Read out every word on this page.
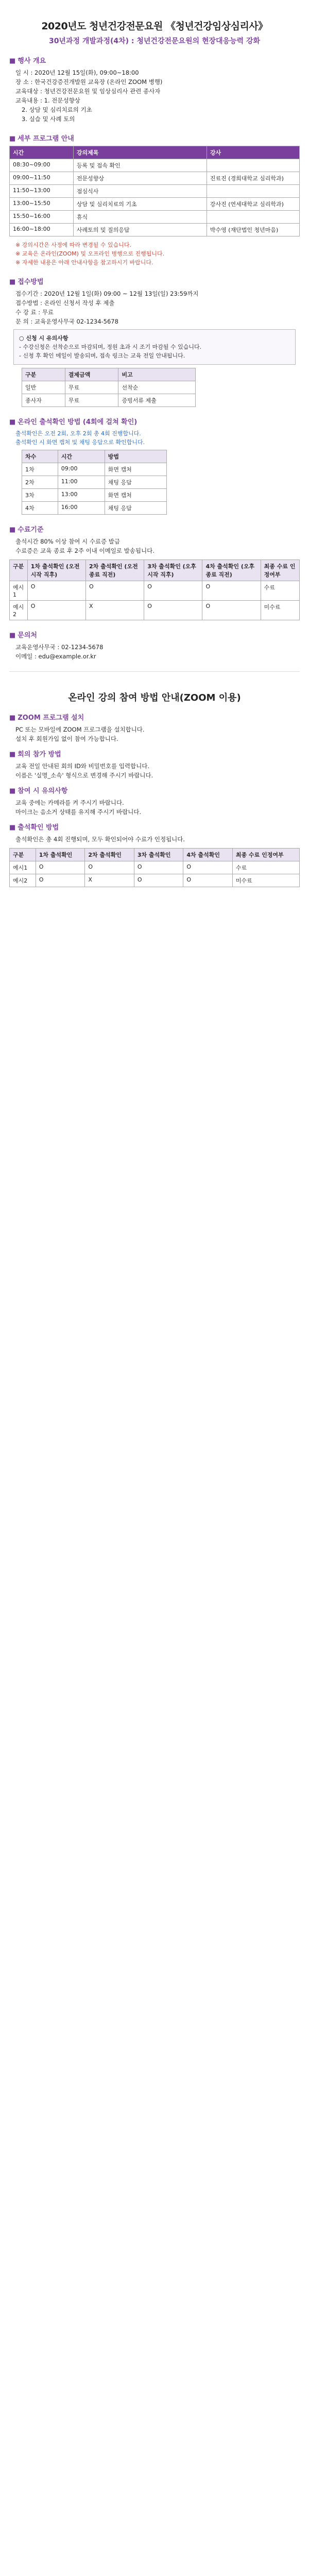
2020년도 청년건강전문요원 《청년건강임상심리사》
30년과정 개발과정(4차) : 청년건강전문요원의 현장대응능력 강화
■ 행사 개요
일 시 : 2020년 12월 15일(화), 09:00~18:00
장 소 : 한국건강증진개발원 교육장 (온라인 ZOOM 병행)
교육대상 : 청년건강전문요원 및 임상심리사 관련 종사자
교육내용 : 1. 전문성향상
2. 상담 및 심리치료의 기초
3. 실습 및 사례 토의
■ 세부 프로그램 안내
시간	강의제목	강사
08:30~09:00	등록 및 접속 확인	
09:00~11:50	전문성향상	진료진 (경희대학교 심리학과)
11:50~13:00	점심식사	
13:00~15:50	상담 및 심리치료의 기초	강사진 (연세대학교 심리학과)
15:50~16:00	휴식	
16:00~18:00	사례토의 및 질의응답	박수영 (재단법인 청년마음)
※ 강의시간은 사정에 따라 변경될 수 있습니다.
※ 교육은 온라인(ZOOM) 및 오프라인 병행으로 진행됩니다.
※ 자세한 내용은 아래 안내사항을 참고하시기 바랍니다.
■ 접수방법
접수기간 : 2020년 12월 1일(화) 09:00 ~ 12월 13일(일) 23:59까지
접수방법 : 온라인 신청서 작성 후 제출
수 강 료 : 무료
문 의 : 교육운영사무국 02-1234-5678
○ 신청 시 유의사항
- 수강신청은 선착순으로 마감되며, 정원 초과 시 조기 마감될 수 있습니다.
- 신청 후 확인 메일이 발송되며, 접속 링크는 교육 전일 안내됩니다.
구분	결제금액	비고
일반	무료	선착순
종사자	무료	증빙서류 제출
■ 온라인 출석확인 방법 (4회에 걸쳐 확인)
출석확인은 오전 2회, 오후 2회 총 4회 진행합니다.
출석확인 시 화면 캡처 및 채팅 응답으로 확인합니다.
차수	시간	방법
1차	09:00	화면 캡처
2차	11:00	채팅 응답
3차	13:00	화면 캡처
4차	16:00	채팅 응답
■ 수료기준
출석시간 80% 이상 참여 시 수료증 발급
수료증은 교육 종료 후 2주 이내 이메일로 발송됩니다.
구분	1차 출석확인 (오전 시작 직후)	2차 출석확인 (오전 종료 직전)	3차 출석확인 (오후 시작 직후)	4차 출석확인 (오후 종료 직전)	최종 수료 인정여부
예시1	O	O	O	O	수료
예시2	O	X	O	O	미수료
■ 문의처
교육운영사무국 : 02-1234-5678
이메일 : edu@example.or.kr
온라인 강의 참여 방법 안내(ZOOM 이용)
■ ZOOM 프로그램 설치
PC 또는 모바일에 ZOOM 프로그램을 설치합니다.
설치 후 회원가입 없이 참여 가능합니다.
■ 회의 참가 방법
교육 전일 안내된 회의 ID와 비밀번호를 입력합니다.
이름은 '실명_소속' 형식으로 변경해 주시기 바랍니다.
■ 참여 시 유의사항
교육 중에는 카메라를 켜 주시기 바랍니다.
마이크는 음소거 상태를 유지해 주시기 바랍니다.
■ 출석확인 방법
출석확인은 총 4회 진행되며, 모두 확인되어야 수료가 인정됩니다.
구분	1차 출석확인	2차 출석확인	3차 출석확인	4차 출석확인	최종 수료 인정여부
예시1	O	O	O	O	수료
예시2	O	X	O	O	미수료
